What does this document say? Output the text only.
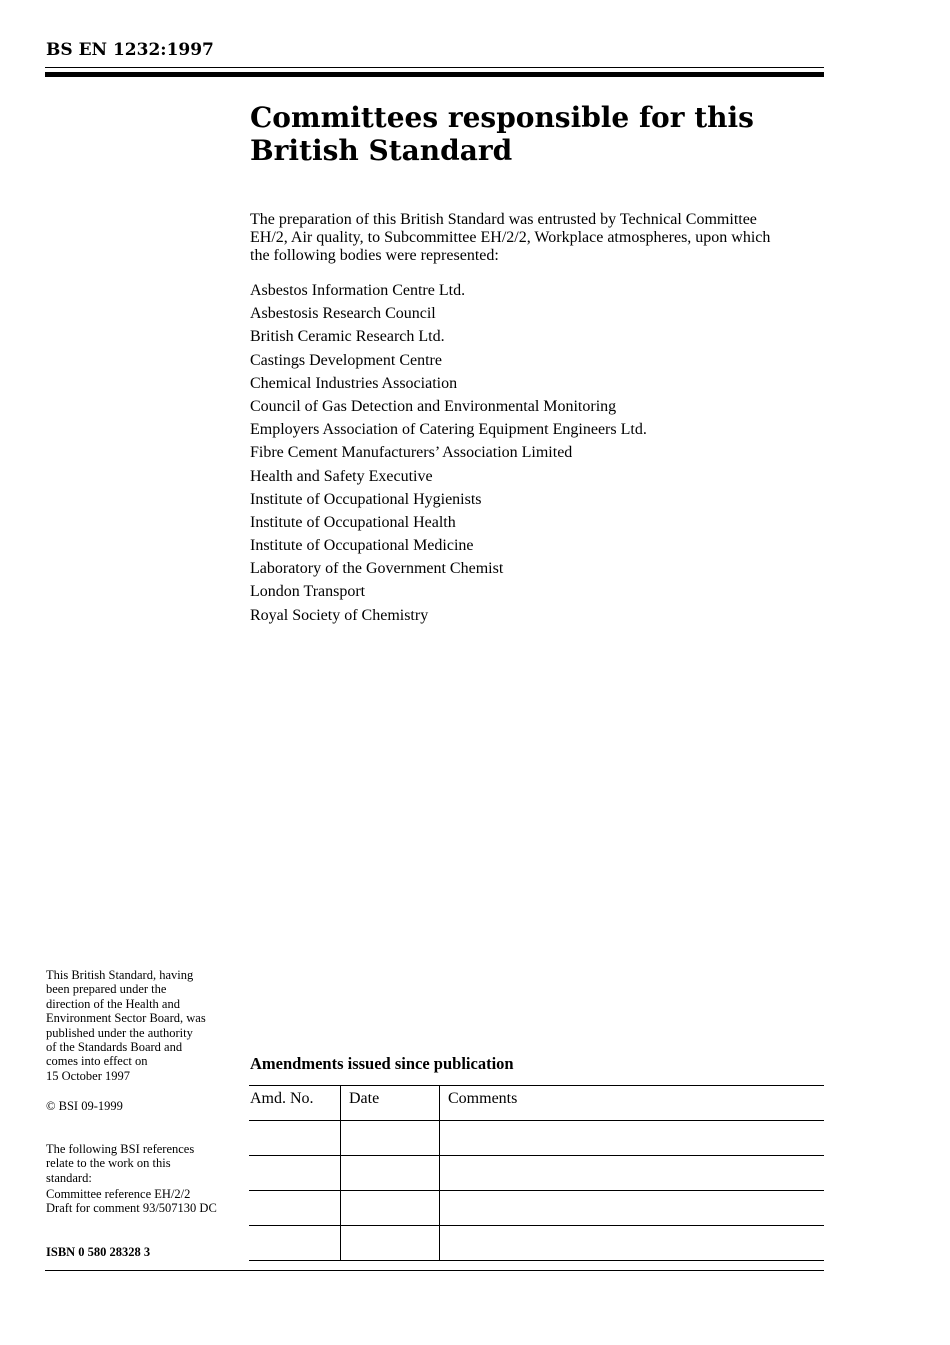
BS EN 1232:1997
Committees responsible for this
British Standard

The preparation of this British Standard was entrusted by Technical Committee EH/2, Air quality, to Subcommittee EH/2/2, Workplace atmospheres, upon which the following bodies were represented:

Asbestos Information Centre Ltd.
Asbestosis Research Council
British Ceramic Research Ltd.
Castings Development Centre
Chemical Industries Association
Council of Gas Detection and Environmental Monitoring
Employers Association of Catering Equipment Engineers Ltd.
Fibre Cement Manufacturers’ Association Limited
Health and Safety Executive
Institute of Occupational Hygienists
Institute of Occupational Health
Institute of Occupational Medicine
Laboratory of the Government Chemist
London Transport
Royal Society of Chemistry
This British Standard, having
been prepared under the
direction of the Health and
Environment Sector Board, was
published under the authority
of the Standards Board and
comes into effect on
15 October 1997
© BSI 09-1999
The following BSI references
relate to the work on this
standard:
Committee reference EH/2/2
Draft for comment 93/507130 DC
ISBN 0 580 28328 3
Amendments issued since publication
Amd. No.	Date	Comments
